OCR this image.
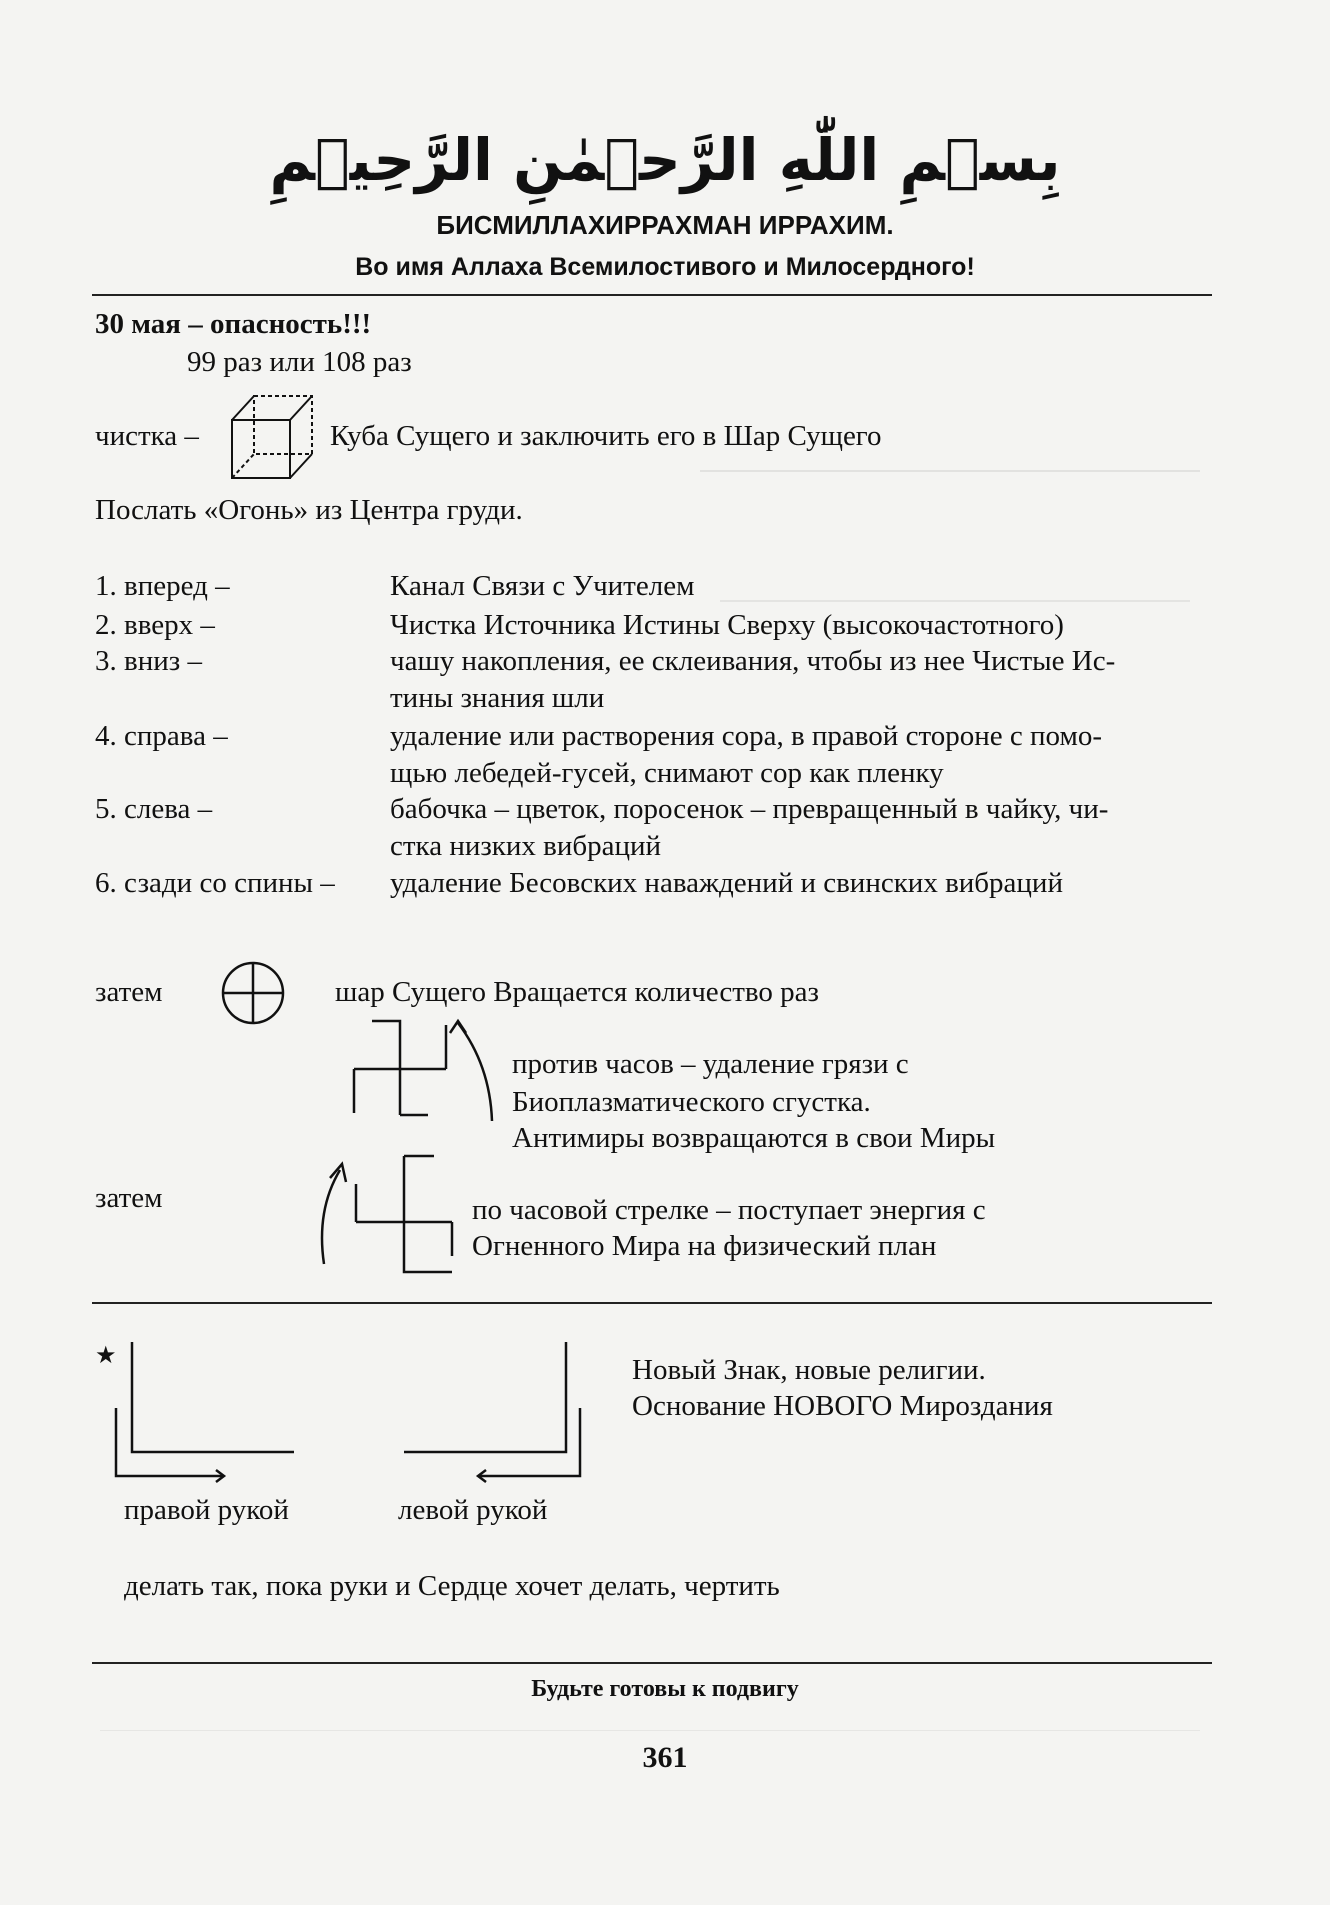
بِسۡمِ اللّٰهِ الرَّحۡمٰنِ الرَّحِيۡمِ
БИСМИЛЛАХИРРАХМАН ИРРАХИМ.
Во имя Аллаха Всемилостивого и Милосердного!
30 мая – опасность!!!
99 раз или 108 раз
чистка –	Куба Сущего и заключить его в Шар Сущего
Послать «Огонь» из Центра груди.
1. вперед –	Канал Связи с Учителем
2. вверх –	Чистка Источника Истины Сверху (высокочастотного)
3. вниз –	чашу накопления, ее склеивания, чтобы из нее Чистые Ис-
тины знания шли
4. справа –	удаление или растворения сора, в правой стороне с помо-
щью лебедей-гусей, снимают сор как пленку
5. слева –	бабочка – цветок, поросенок – превращенный в чайку, чи-
стка низких вибраций
6. сзади со спины – удаление Бесовских наваждений и свинских вибраций
затем	шар Сущего Вращается количество раз
против часов – удаление грязи с
Биоплазматического сгустка.
Антимиры возвращаются в свои Миры
затем	по часовой стрелке – поступает энергия с
Огненного Мира на физический план
★	Новый Знак, новые религии.
Основание НОВОГО Мироздания
правой рукой	левой рукой
делать так, пока руки и Сердце хочет делать, чертить
Будьте готовы к подвигу
361
